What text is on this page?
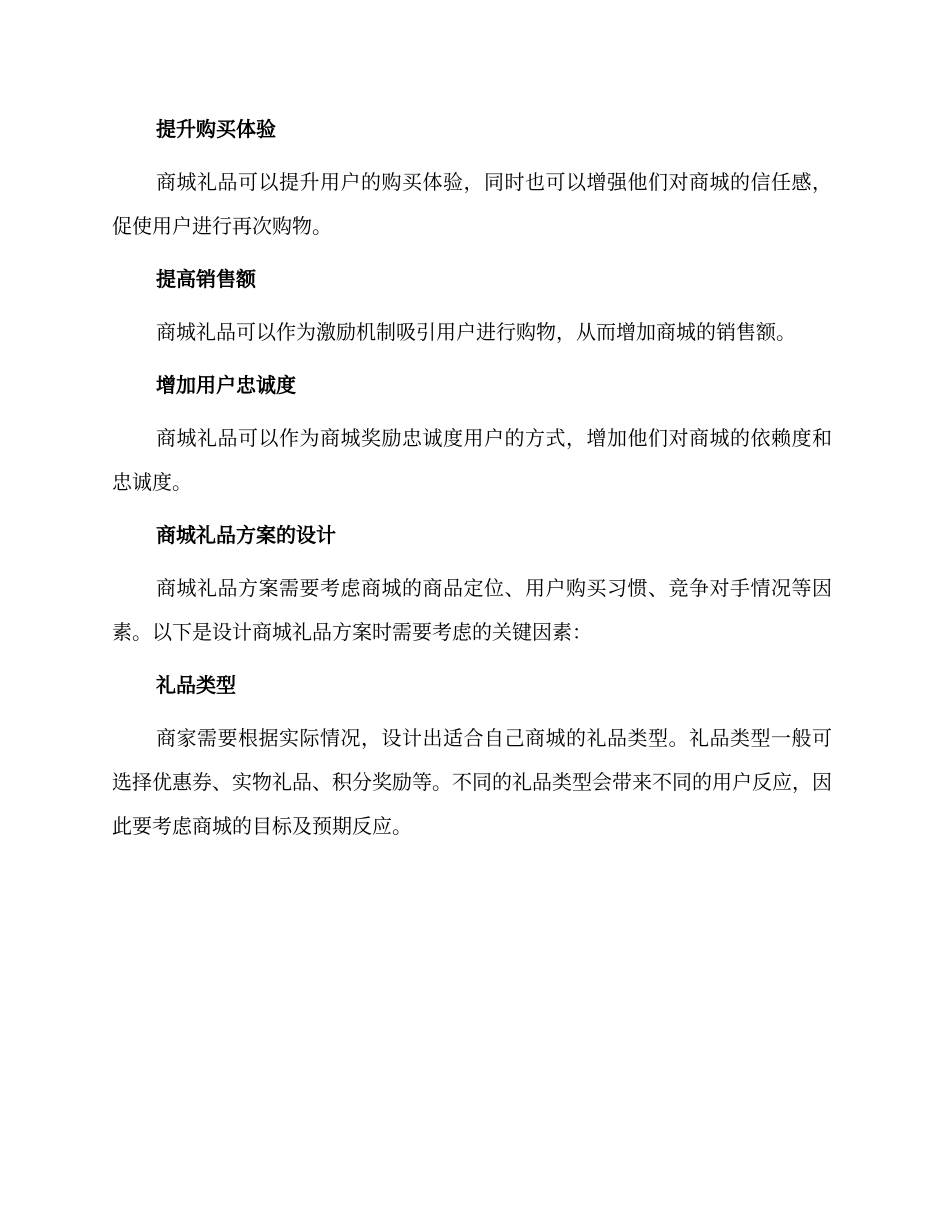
提升购买体验

商城礼品可以提升用户的购买体验，同时也可以增强他们对商城的信任感，促使用户进行再次购物。

提高销售额

商城礼品可以作为激励机制吸引用户进行购物，从而增加商城的销售额。

增加用户忠诚度

商城礼品可以作为商城奖励忠诚度用户的方式，增加他们对商城的依赖度和忠诚度。

商城礼品方案的设计

商城礼品方案需要考虑商城的商品定位、用户购买习惯、竞争对手情况等因素。以下是设计商城礼品方案时需要考虑的关键因素：

礼品类型

商家需要根据实际情况，设计出适合自己商城的礼品类型。礼品类型一般可选择优惠券、实物礼品、积分奖励等。不同的礼品类型会带来不同的用户反应，因此要考虑商城的目标及预期反应。
